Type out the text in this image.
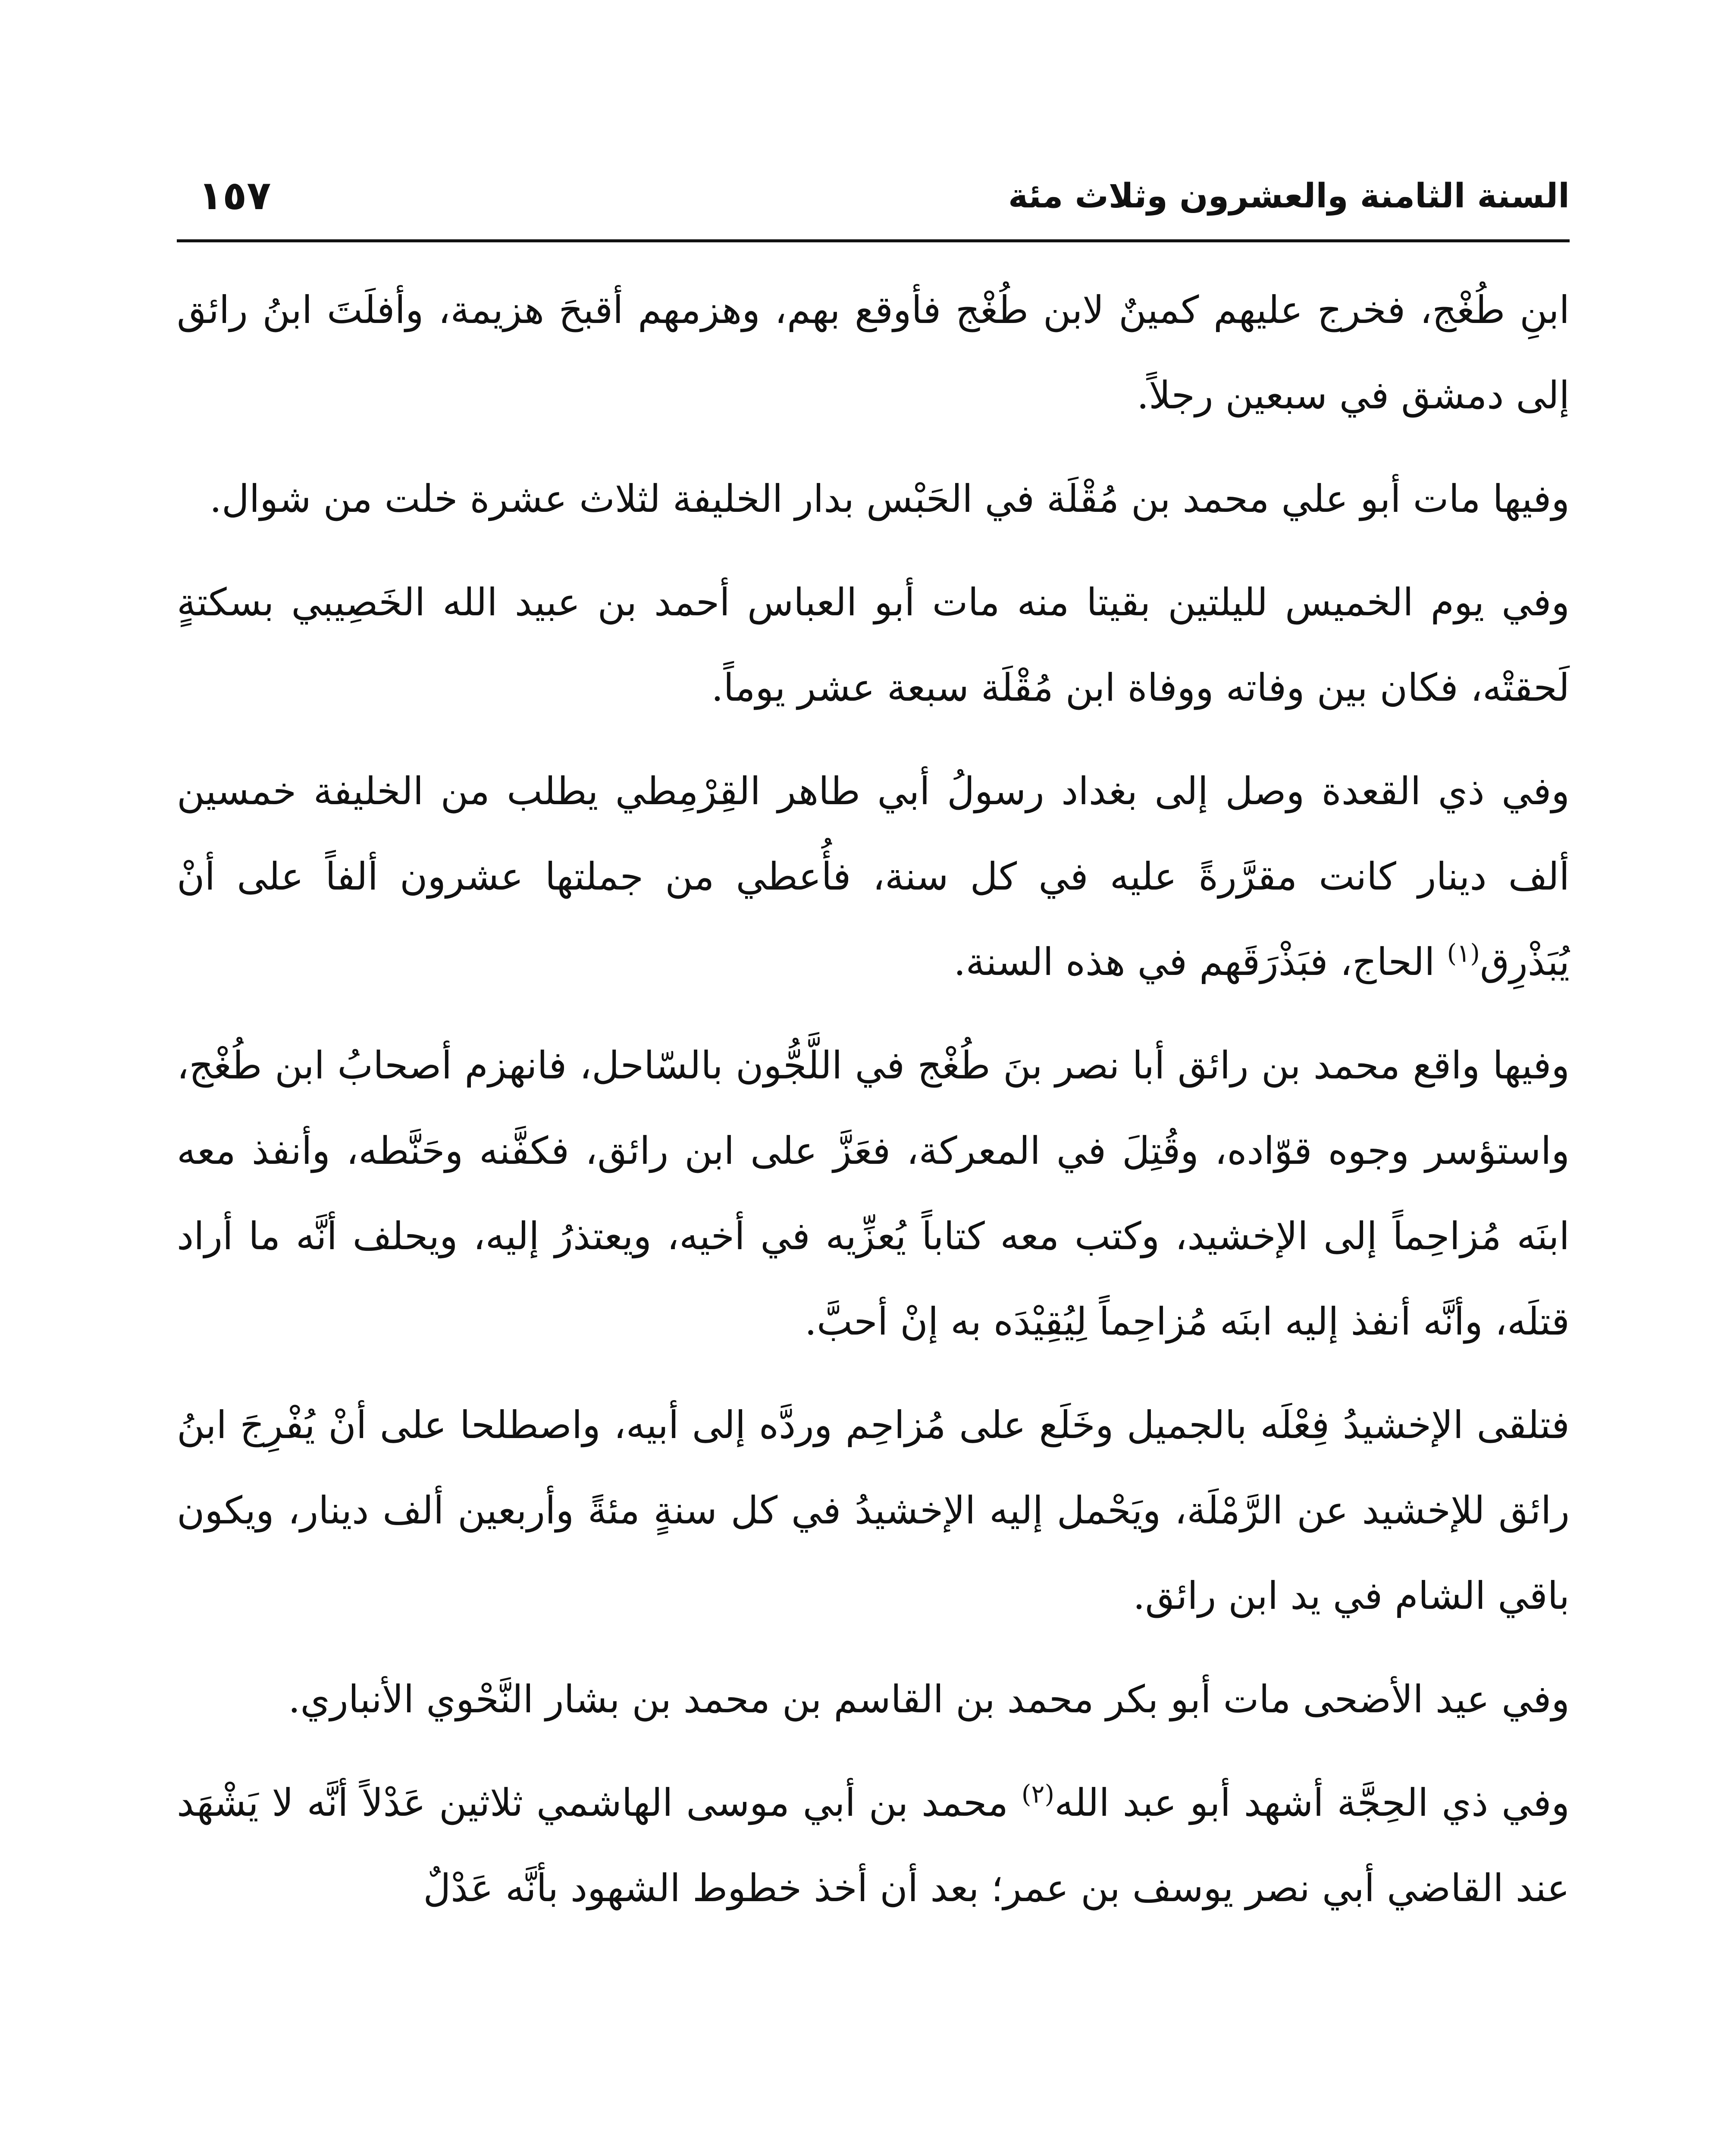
السنة الثامنة والعشرون وثلاث مئة
١٥٧

ابنِ طُغْج، فخرج عليهم كمينٌ لابن طُغْج فأوقع بهم، وهزمهم أقبحَ هزيمة، وأفلَتَ ابنُ رائق إلى دمشق في سبعين رجلاً.

وفيها مات أبو علي محمد بن مُقْلَة في الحَبْس بدار الخليفة لثلاث عشرة خلت من شوال.

وفي يوم الخميس لليلتين بقيتا منه مات أبو العباس أحمد بن عبيد الله الخَصِيبي بسكتةٍ لَحقتْه، فكان بين وفاته ووفاة ابن مُقْلَة سبعة عشر يوماً.

وفي ذي القعدة وصل إلى بغداد رسولُ أبي طاهر القِرْمِطي يطلب من الخليفة خمسين ألف دينار كانت مقرَّرةً عليه في كل سنة، فأُعطي من جملتها عشرون ألفاً على أنْ يُبَذْرِق$^{(١)}$ الحاج، فبَذْرَقَهم في هذه السنة.

وفيها واقع محمد بن رائق أبا نصر بنَ طُغْج في اللَّجُّون بالسّاحل، فانهزم أصحابُ ابن طُغْج، واستؤسر وجوه قوّاده، وقُتِلَ في المعركة، فعَزَّ على ابن رائق، فكفَّنه وحَنَّطه، وأنفذ معه ابنَه مُزاحِماً إلى الإخشيد، وكتب معه كتاباً يُعزِّيه في أخيه، ويعتذرُ إليه، ويحلف أنَّه ما أراد قتلَه، وأنَّه أنفذ إليه ابنَه مُزاحِماً لِيُقِيْدَه به إنْ أحبَّ.

فتلقى الإخشيدُ فِعْلَه بالجميل وخَلَع على مُزاحِم وردَّه إلى أبيه، واصطلحا على أنْ يُفْرِجَ ابنُ رائق للإخشيد عن الرَّمْلَة، ويَحْمل إليه الإخشيدُ في كل سنةٍ مئةً وأربعين ألف دينار، ويكون باقي الشام في يد ابن رائق.

وفي عيد الأضحى مات أبو بكر محمد بن القاسم بن محمد بن بشار النَّحْوي الأنباري.

وفي ذي الحِجَّة أشهد أبو عبد الله$^{(٢)}$ محمد بن أبي موسى الهاشمي ثلاثين عَدْلاً أنَّه لا يَشْهَد عند القاضي أبي نصر يوسف بن عمر؛ بعد أن أخذ خطوط الشهود بأنَّه عَدْلٌ
